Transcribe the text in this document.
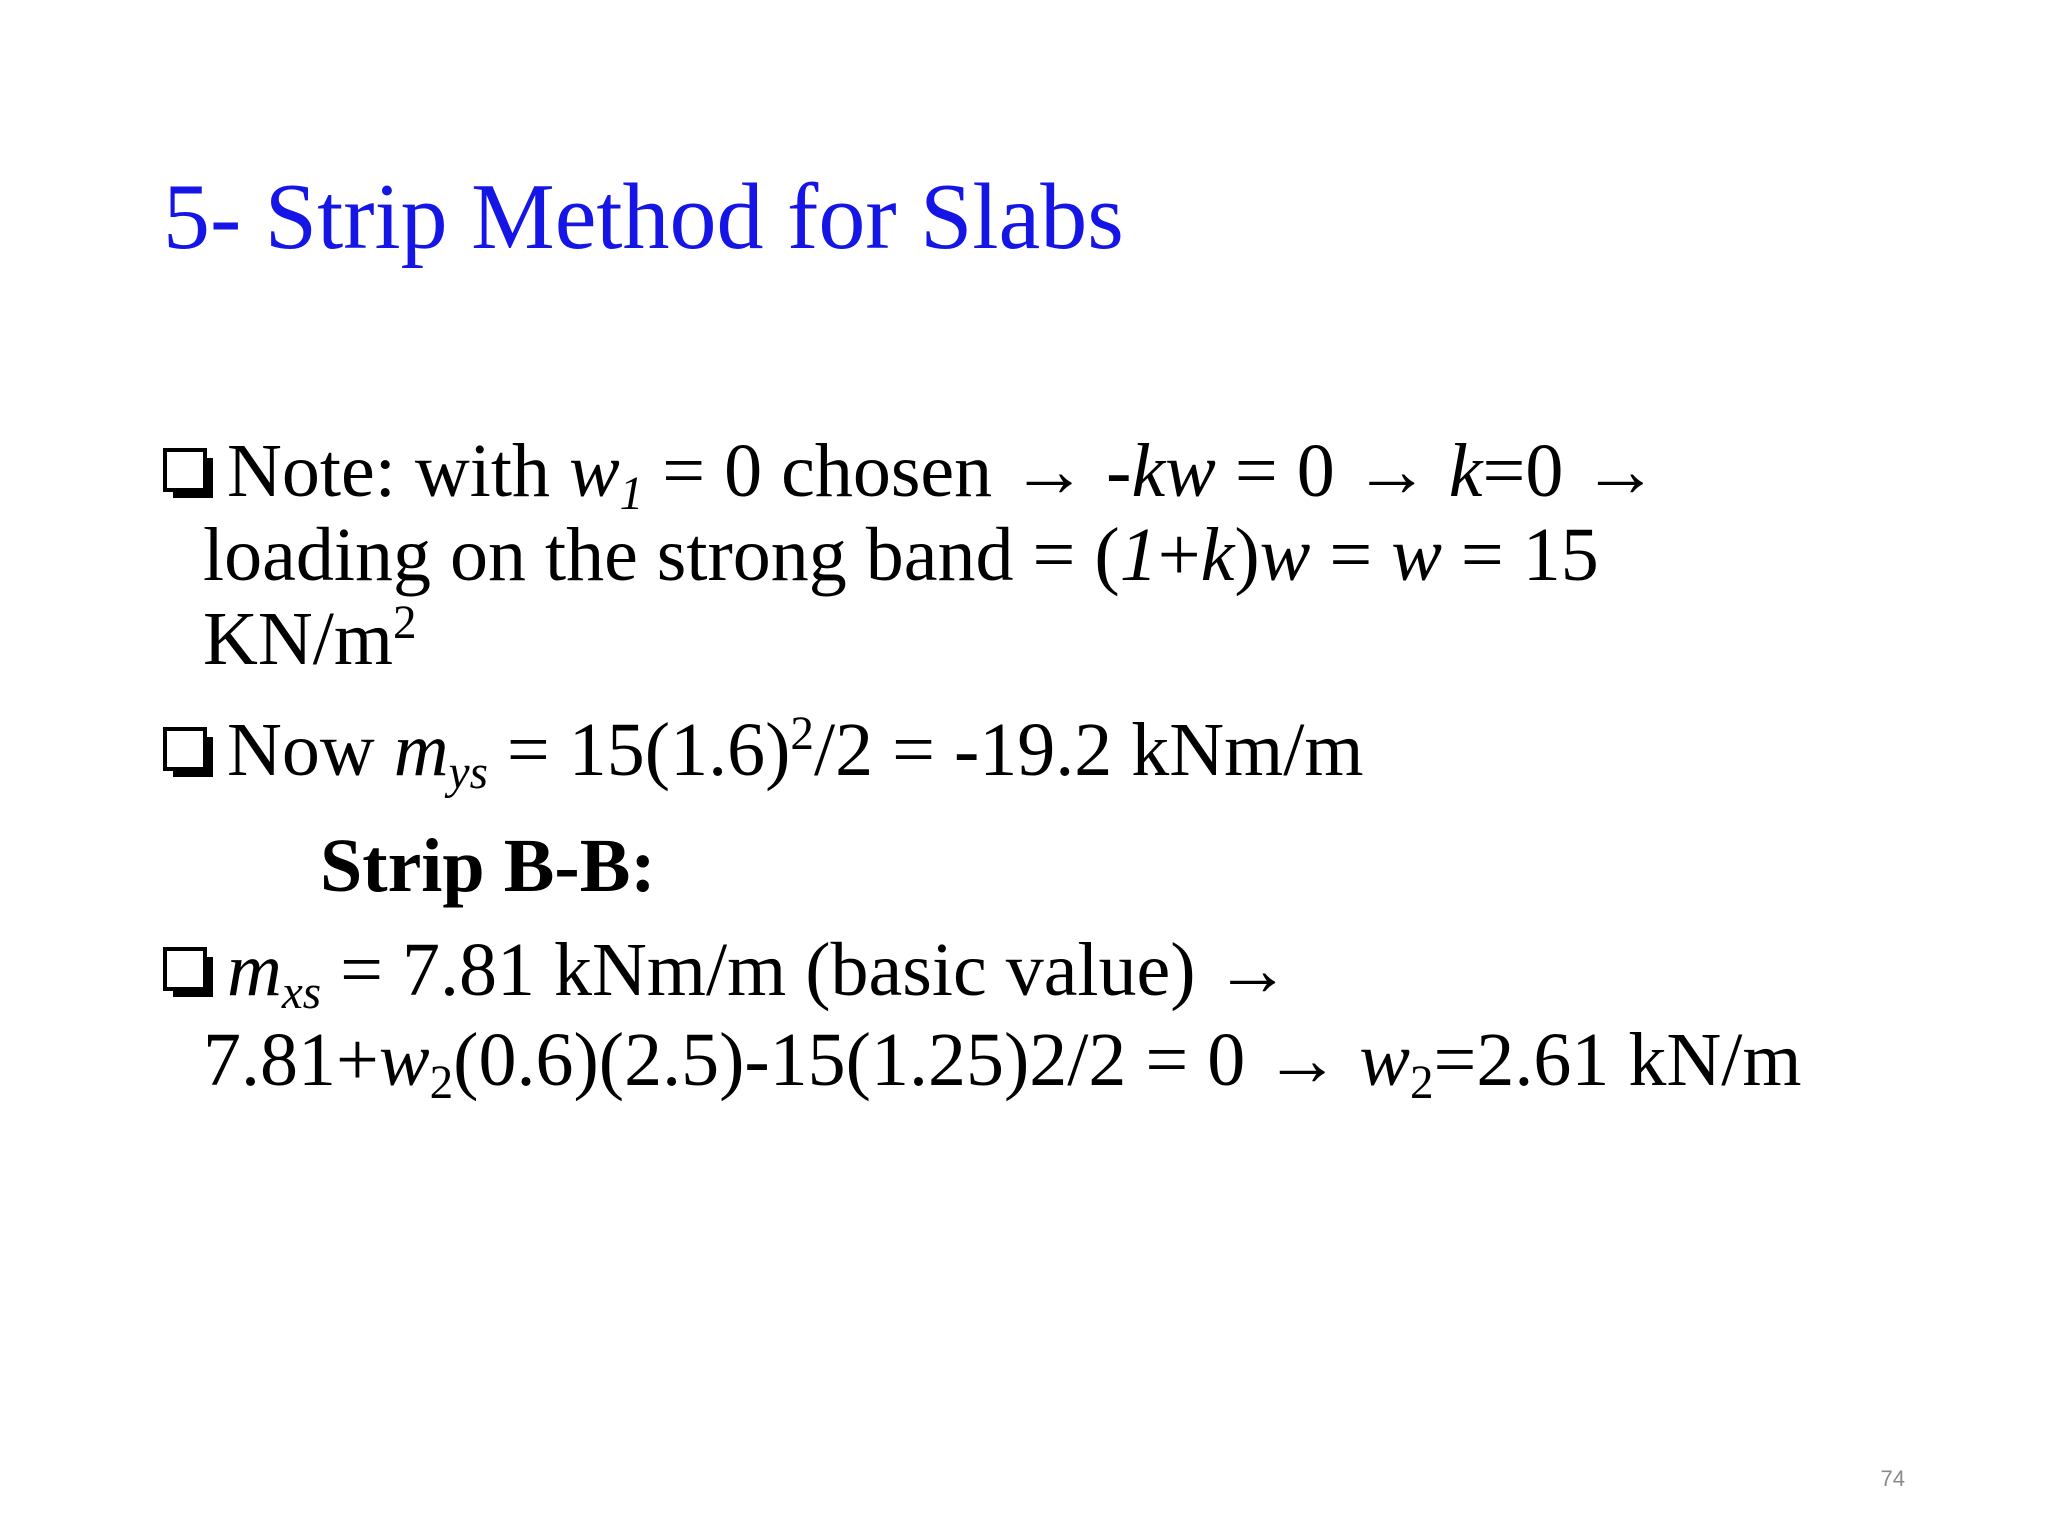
5- Strip Method for Slabs
Note: with $w_1 = 0$ chosen → -kw = 0 → k=0 →
loading on the strong band = (1+k)w = w = 15
$KN/m^2$
Now $m_{ys} = 15(1.6)^2/2 = -19.2$ kNm/m
Strip B-B:
$m_{xs} = 7.81$ kNm/m (basic value) →
$7.81+w_2(0.6)(2.5)-15(1.25)2/2 = 0 \to w_2=2.61$ kN/m
74
